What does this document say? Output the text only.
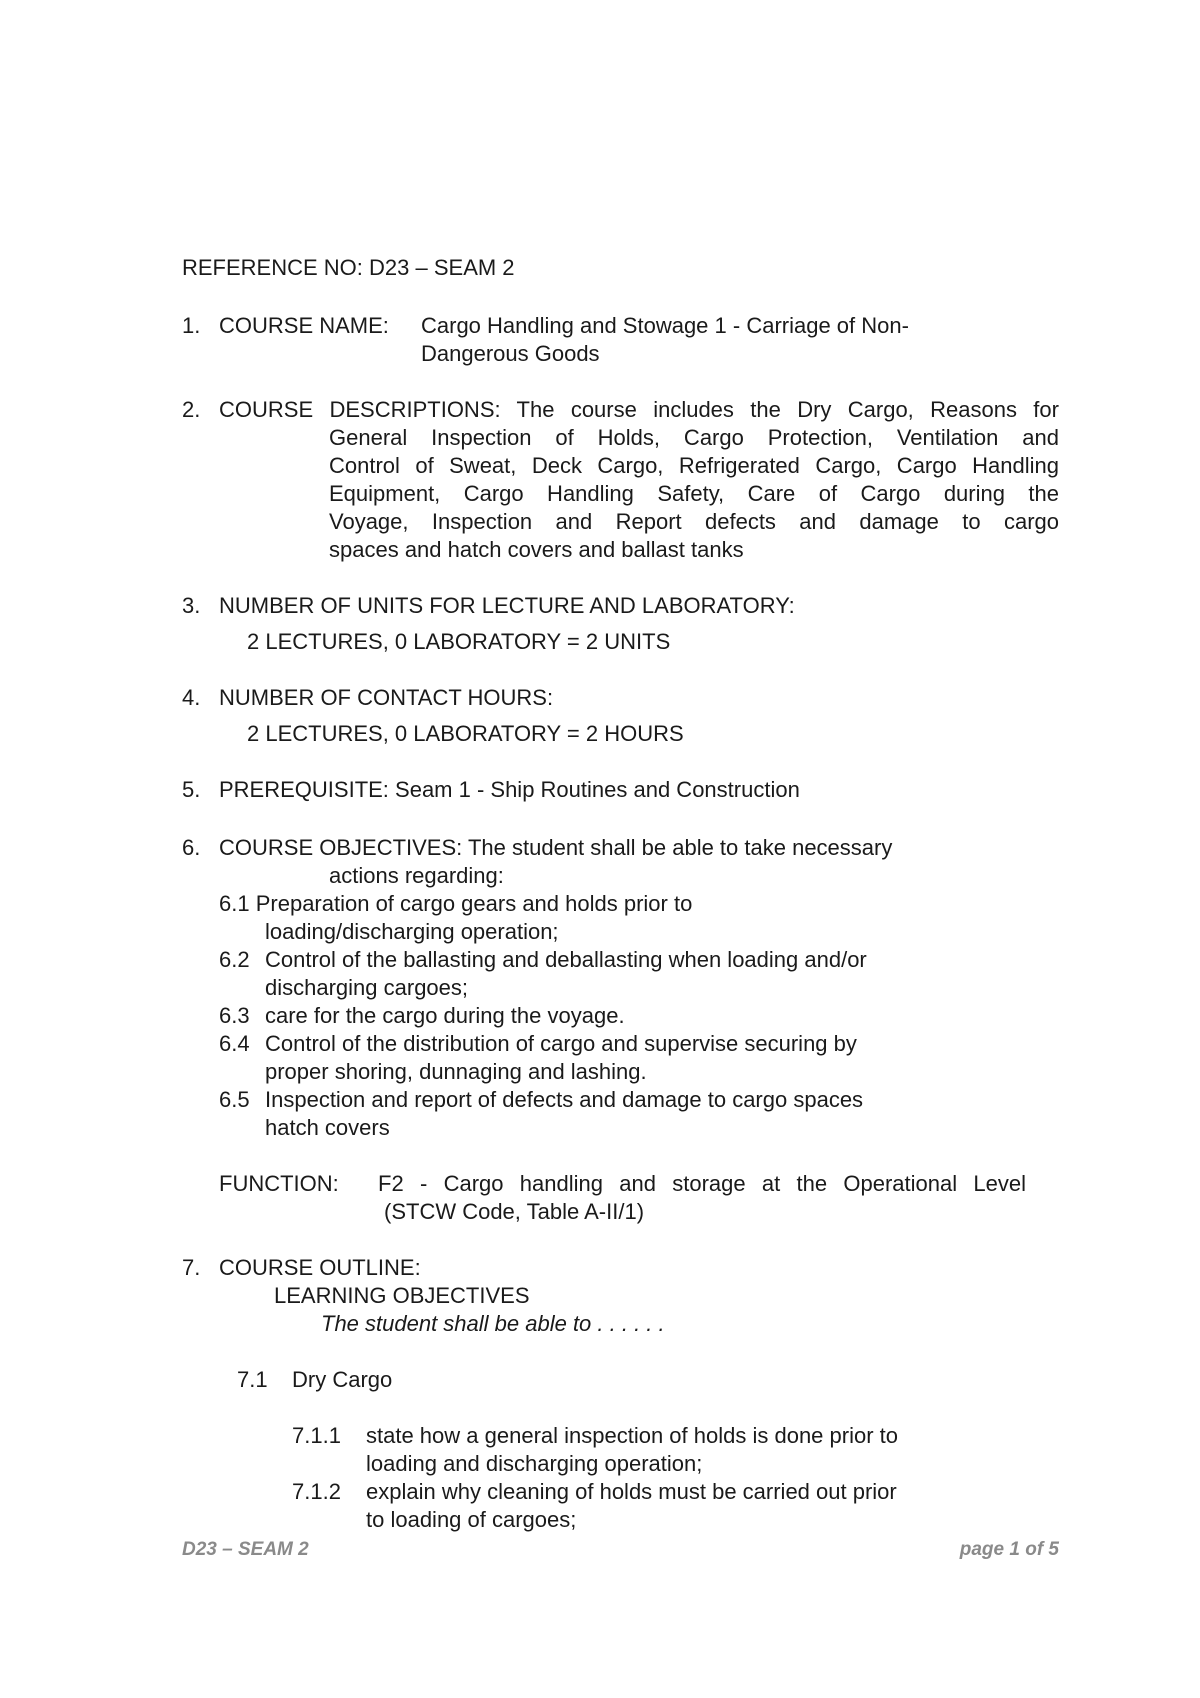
REFERENCE NO: D23 – SEAM 2
1. COURSE NAME: Cargo Handling and Stowage 1 - Carriage of Non-
Dangerous Goods
2. COURSE DESCRIPTIONS: The course includes the Dry Cargo, Reasons for
General Inspection of Holds, Cargo Protection, Ventilation and
Control of Sweat, Deck Cargo, Refrigerated Cargo, Cargo Handling
Equipment, Cargo Handling Safety, Care of Cargo during the
Voyage, Inspection and Report defects and damage to cargo
spaces and hatch covers and ballast tanks
3. NUMBER OF UNITS FOR LECTURE AND LABORATORY:
2 LECTURES, 0 LABORATORY = 2 UNITS
4. NUMBER OF CONTACT HOURS:
2 LECTURES, 0 LABORATORY = 2 HOURS
5. PREREQUISITE: Seam 1 - Ship Routines and Construction
6. COURSE OBJECTIVES: The student shall be able to take necessary
actions regarding:
6.1 Preparation of cargo gears and holds prior to
loading/discharging operation;
6.2 Control of the ballasting and deballasting when loading and/or
discharging cargoes;
6.3 care for the cargo during the voyage.
6.4 Control of the distribution of cargo and supervise securing by
proper shoring, dunnaging and lashing.
6.5 Inspection and report of defects and damage to cargo spaces
hatch covers
FUNCTION: F2 - Cargo handling and storage at the Operational Level
(STCW Code, Table A-II/1)
7. COURSE OUTLINE:
LEARNING OBJECTIVES
The student shall be able to . . . . . .
7.1 Dry Cargo
7.1.1 state how a general inspection of holds is done prior to
loading and discharging operation;
7.1.2 explain why cleaning of holds must be carried out prior
to loading of cargoes;
D23 – SEAM 2	page 1 of 5
